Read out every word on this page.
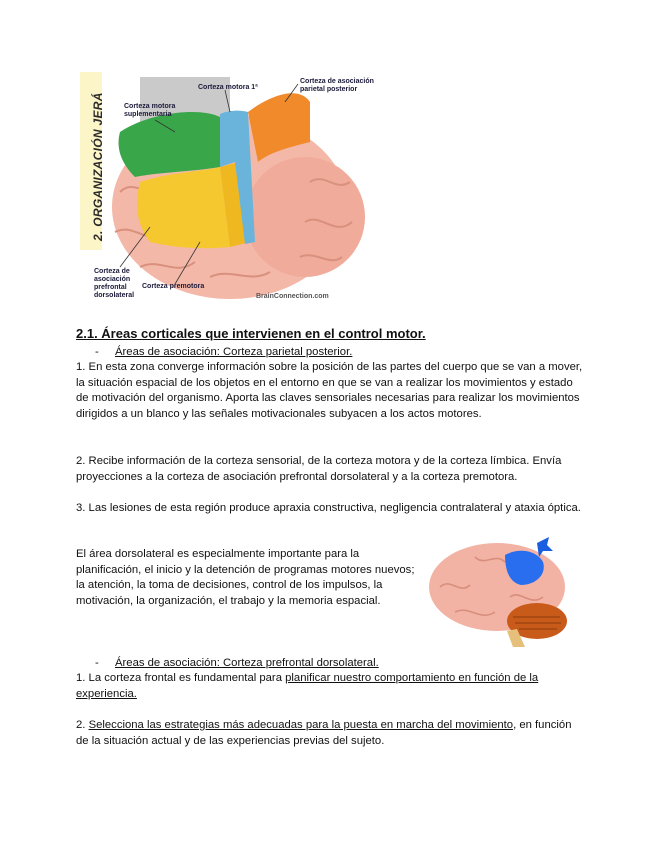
2. ORGANIZACIÓN JERÁ
Corteza motora 1ª
Corteza de asociación parietal posterior
Corteza motora suplementaria
Corteza de asociación prefrontal dorsolateral
Corteza premotora
BrainConnection.com
2.1. Áreas corticales que intervienen en el control motor.
- Áreas de asociación: Corteza parietal posterior.
1. En esta zona converge información sobre la posición de las partes del cuerpo que se van a mover, la situación espacial de los objetos en el entorno en que se van a realizar los movimientos y estado de motivación del organismo. Aporta las claves sensoriales necesarias para realizar los movimientos dirigidos a un blanco y las señales motivacionales subyacen a los actos motores.
2. Recibe información de la corteza sensorial, de la corteza motora y de la corteza límbica. Envía proyecciones a la corteza de asociación prefrontal dorsolateral y a la corteza premotora.
3. Las lesiones de esta región produce apraxia constructiva, negligencia contralateral y ataxia óptica.
El área dorsolateral es especialmente importante para la planificación, el inicio y la detención de programas motores nuevos; la atención, la toma de decisiones, control de los impulsos, la motivación, la organización, el trabajo y la memoria espacial.
- Áreas de asociación: Corteza prefrontal dorsolateral.
1. La corteza frontal es fundamental para planificar nuestro comportamiento en función de la experiencia.
2. Selecciona las estrategias más adecuadas para la puesta en marcha del movimiento, en función de la situación actual y de las experiencias previas del sujeto.
